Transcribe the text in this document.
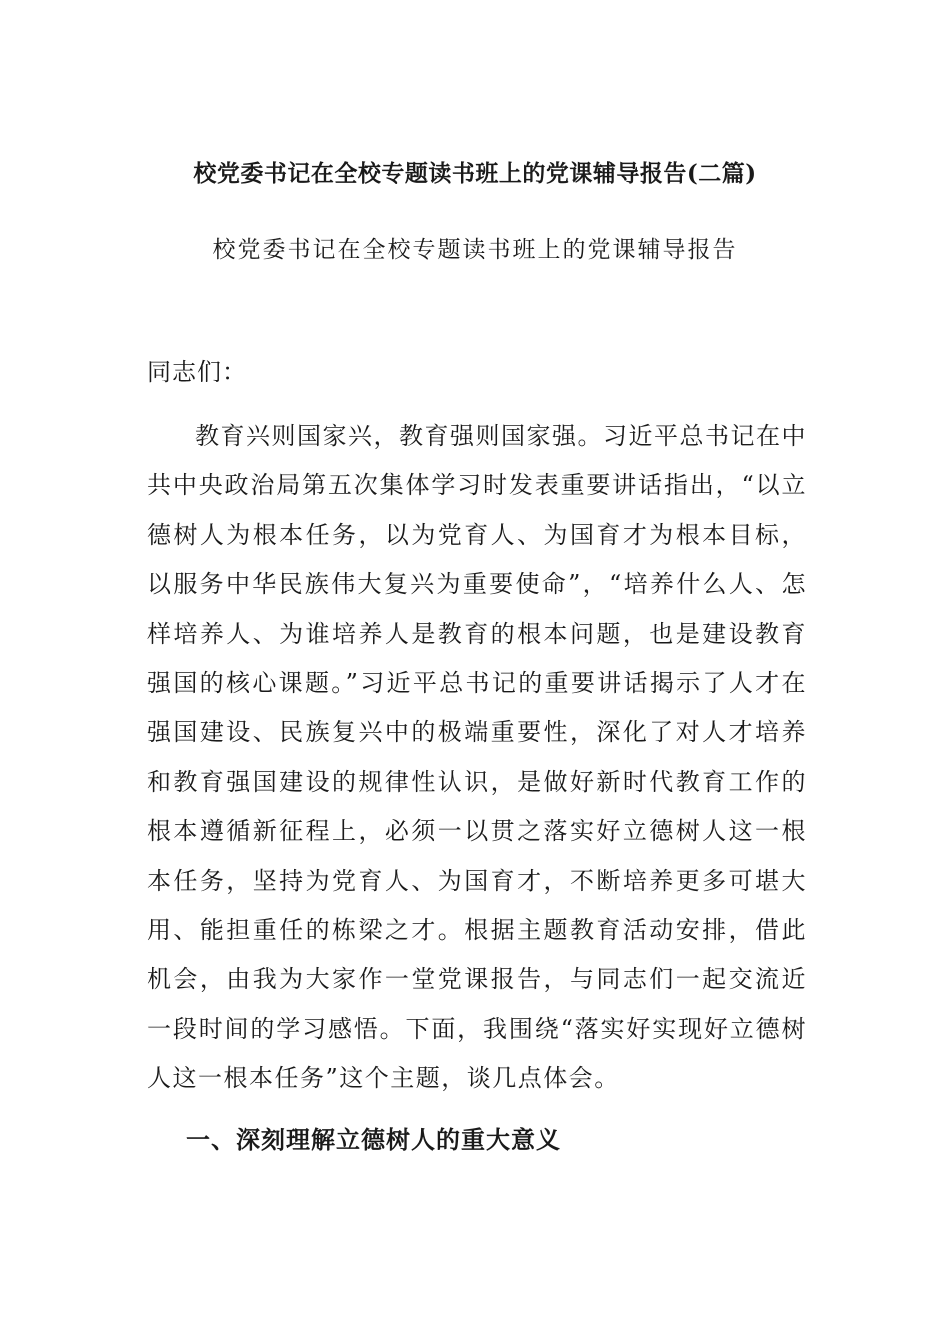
校党委书记在全校专题读书班上的党课辅导报告(二篇)
校党委书记在全校专题读书班上的党课辅导报告

同志们：

教育兴则国家兴，教育强则国家强。习近平总书记在中共中央政治局第五次集体学习时发表重要讲话指出，“以立德树人为根本任务，以为党育人、为国育才为根本目标，以服务中华民族伟大复兴为重要使命”，“培养什么人、怎样培养人、为谁培养人是教育的根本问题，也是建设教育强国的核心课题。”习近平总书记的重要讲话揭示了人才在强国建设、民族复兴中的极端重要性，深化了对人才培养和教育强国建设的规律性认识，是做好新时代教育工作的根本遵循新征程上，必须一以贯之落实好立德树人这一根本任务，坚持为党育人、为国育才，不断培养更多可堪大用、能担重任的栋梁之才。根据主题教育活动安排，借此机会，由我为大家作一堂党课报告，与同志们一起交流近一段时间的学习感悟。下面，我围绕“落实好实现好立德树人这一根本任务”这个主题，谈几点体会。

一、深刻理解立德树人的重大意义
